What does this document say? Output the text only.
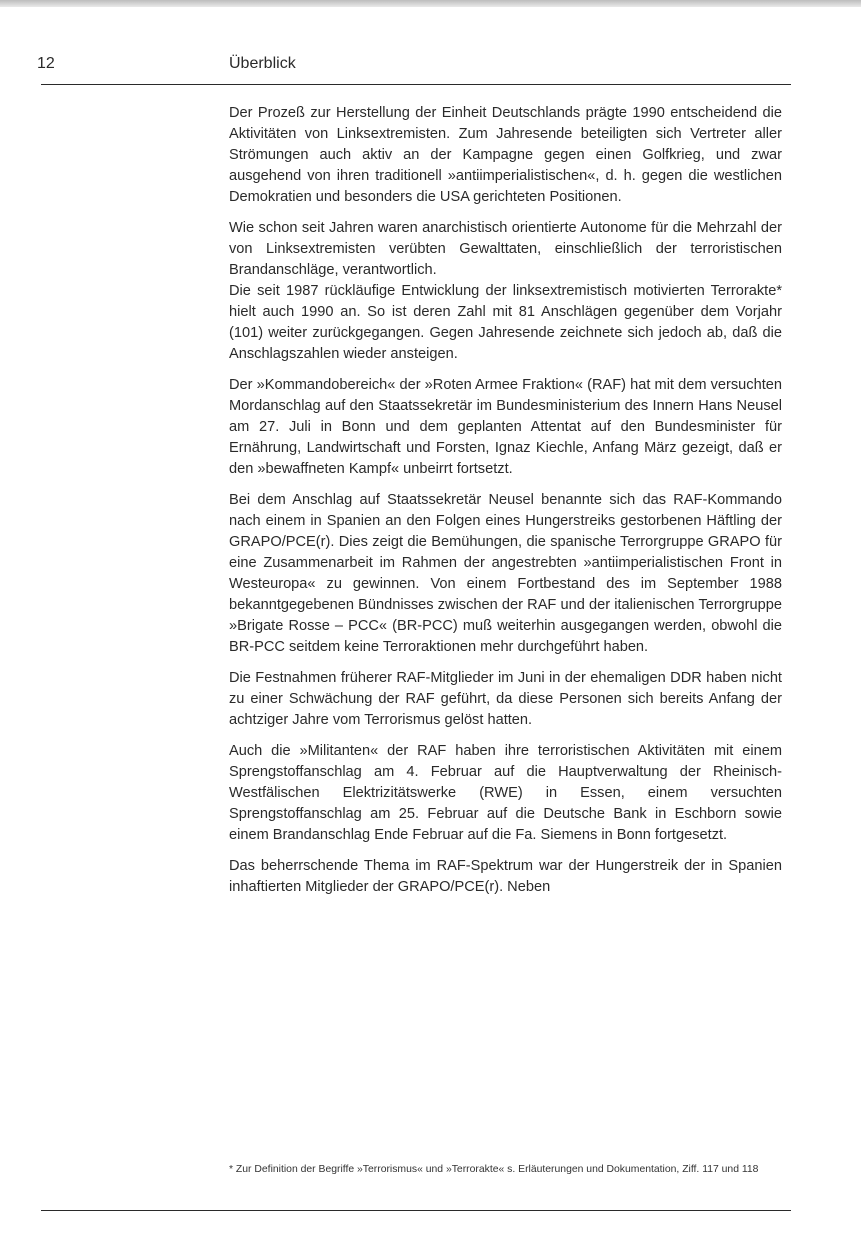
12	Überblick

Der Prozeß zur Herstellung der Einheit Deutschlands prägte 1990 entscheidend die Aktivitäten von Linksextremisten. Zum Jahresende beteiligten sich Vertreter aller Strömungen auch aktiv an der Kampagne gegen einen Golfkrieg, und zwar ausgehend von ihren traditionell »antiimperialistischen«, d. h. gegen die westlichen Demokratien und besonders die USA gerichteten Positionen.

Wie schon seit Jahren waren anarchistisch orientierte Autonome für die Mehrzahl der von Linksextremisten verübten Gewalttaten, einschließlich der terroristischen Brandanschläge, verantwortlich.

Die seit 1987 rückläufige Entwicklung der linksextremistisch motivierten Terrorakte* hielt auch 1990 an. So ist deren Zahl mit 81 Anschlägen gegenüber dem Vorjahr (101) weiter zurückgegangen. Gegen Jahresende zeichnete sich jedoch ab, daß die Anschlagszahlen wieder ansteigen.

Der »Kommandobereich« der »Roten Armee Fraktion« (RAF) hat mit dem versuchten Mordanschlag auf den Staatssekretär im Bundesministerium des Innern Hans Neusel am 27. Juli in Bonn und dem geplanten Attentat auf den Bundesminister für Ernährung, Landwirtschaft und Forsten, Ignaz Kiechle, Anfang März gezeigt, daß er den »bewaffneten Kampf« unbeirrt fortsetzt.

Bei dem Anschlag auf Staatssekretär Neusel benannte sich das RAF-Kommando nach einem in Spanien an den Folgen eines Hungerstreiks gestorbenen Häftling der GRAPO/PCE(r). Dies zeigt die Bemühungen, die spanische Terrorgruppe GRAPO für eine Zusammenarbeit im Rahmen der angestrebten »antiimperialistischen Front in Westeuropa« zu gewinnen. Von einem Fortbestand des im September 1988 bekanntgegebenen Bündnisses zwischen der RAF und der italienischen Terrorgruppe »Brigate Rosse – PCC« (BR-PCC) muß weiterhin ausgegangen werden, obwohl die BR-PCC seitdem keine Terroraktionen mehr durchgeführt haben.

Die Festnahmen früherer RAF-Mitglieder im Juni in der ehemaligen DDR haben nicht zu einer Schwächung der RAF geführt, da diese Personen sich bereits Anfang der achtziger Jahre vom Terrorismus gelöst hatten.

Auch die »Militanten« der RAF haben ihre terroristischen Aktivitäten mit einem Sprengstoffanschlag am 4. Februar auf die Hauptverwaltung der Rheinisch-Westfälischen Elektrizitätswerke (RWE) in Essen, einem versuchten Sprengstoffanschlag am 25. Februar auf die Deutsche Bank in Eschborn sowie einem Brandanschlag Ende Februar auf die Fa. Siemens in Bonn fortgesetzt.

Das beherrschende Thema im RAF-Spektrum war der Hungerstreik der in Spanien inhaftierten Mitglieder der GRAPO/PCE(r). Neben

* Zur Definition der Begriffe »Terrorismus« und »Terrorakte« s. Erläuterungen und Dokumentation, Ziff. 117 und 118
